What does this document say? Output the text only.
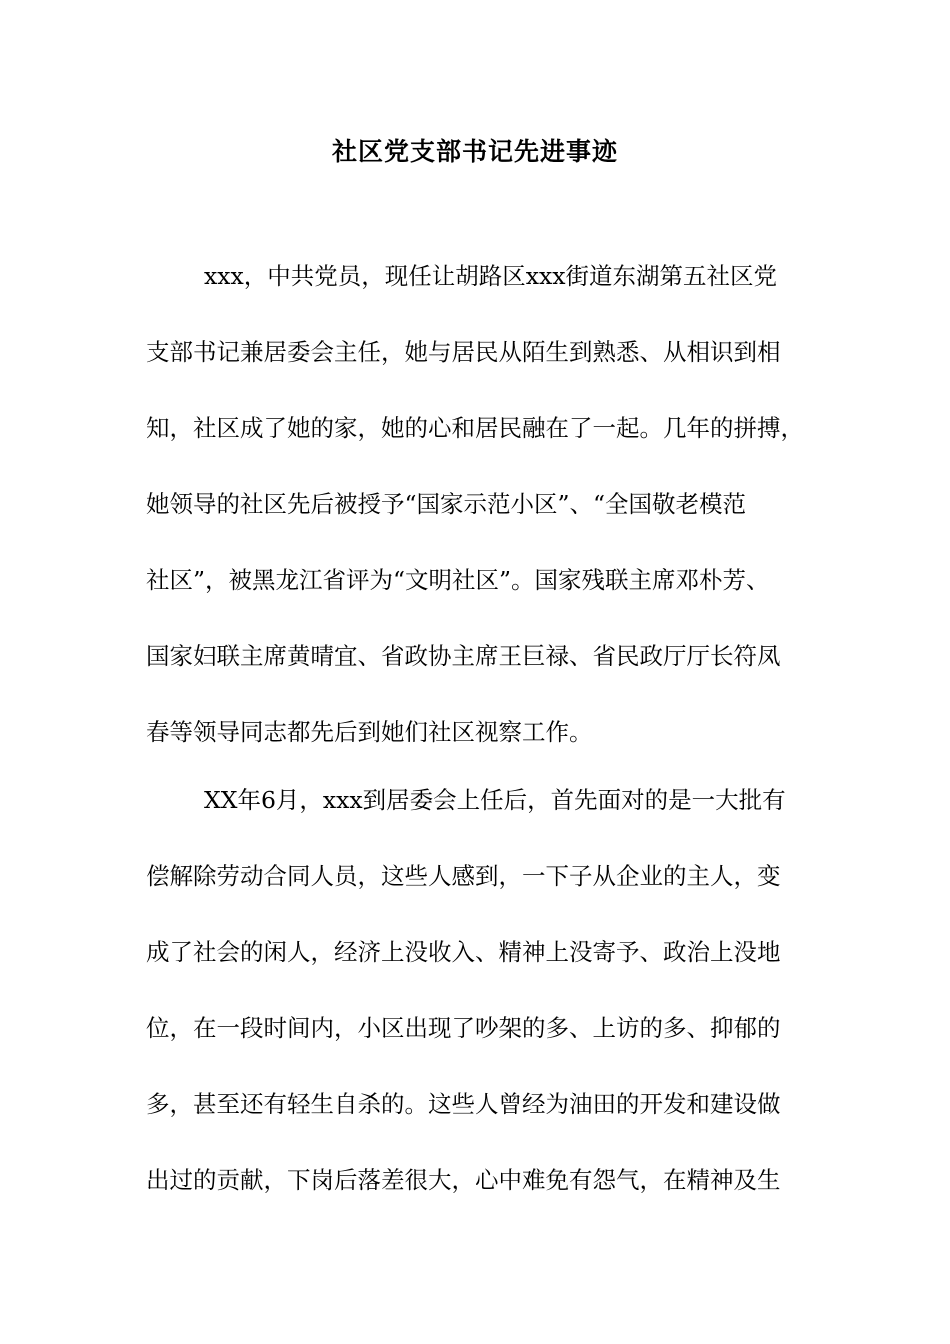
社区党支部书记先进事迹
xxx，中共党员，现任让胡路区xxx街道东湖第五社区党
支部书记兼居委会主任，她与居民从陌生到熟悉、从相识到相
知，社区成了她的家，她的心和居民融在了一起。几年的拼搏，
她领导的社区先后被授予“国家示范小区”、“全国敬老模范
社区”，被黑龙江省评为“文明社区”。国家残联主席邓朴芳、
国家妇联主席黄晴宜、省政协主席王巨禄、省民政厅厅长符凤
春等领导同志都先后到她们社区视察工作。
XX年6月，xxx到居委会上任后，首先面对的是一大批有
偿解除劳动合同人员，这些人感到，一下子从企业的主人，变
成了社会的闲人，经济上没收入、精神上没寄予、政治上没地
位，在一段时间内，小区出现了吵架的多、上访的多、抑郁的
多，甚至还有轻生自杀的。这些人曾经为油田的开发和建设做
出过的贡献，下岗后落差很大，心中难免有怨气，在精神及生
